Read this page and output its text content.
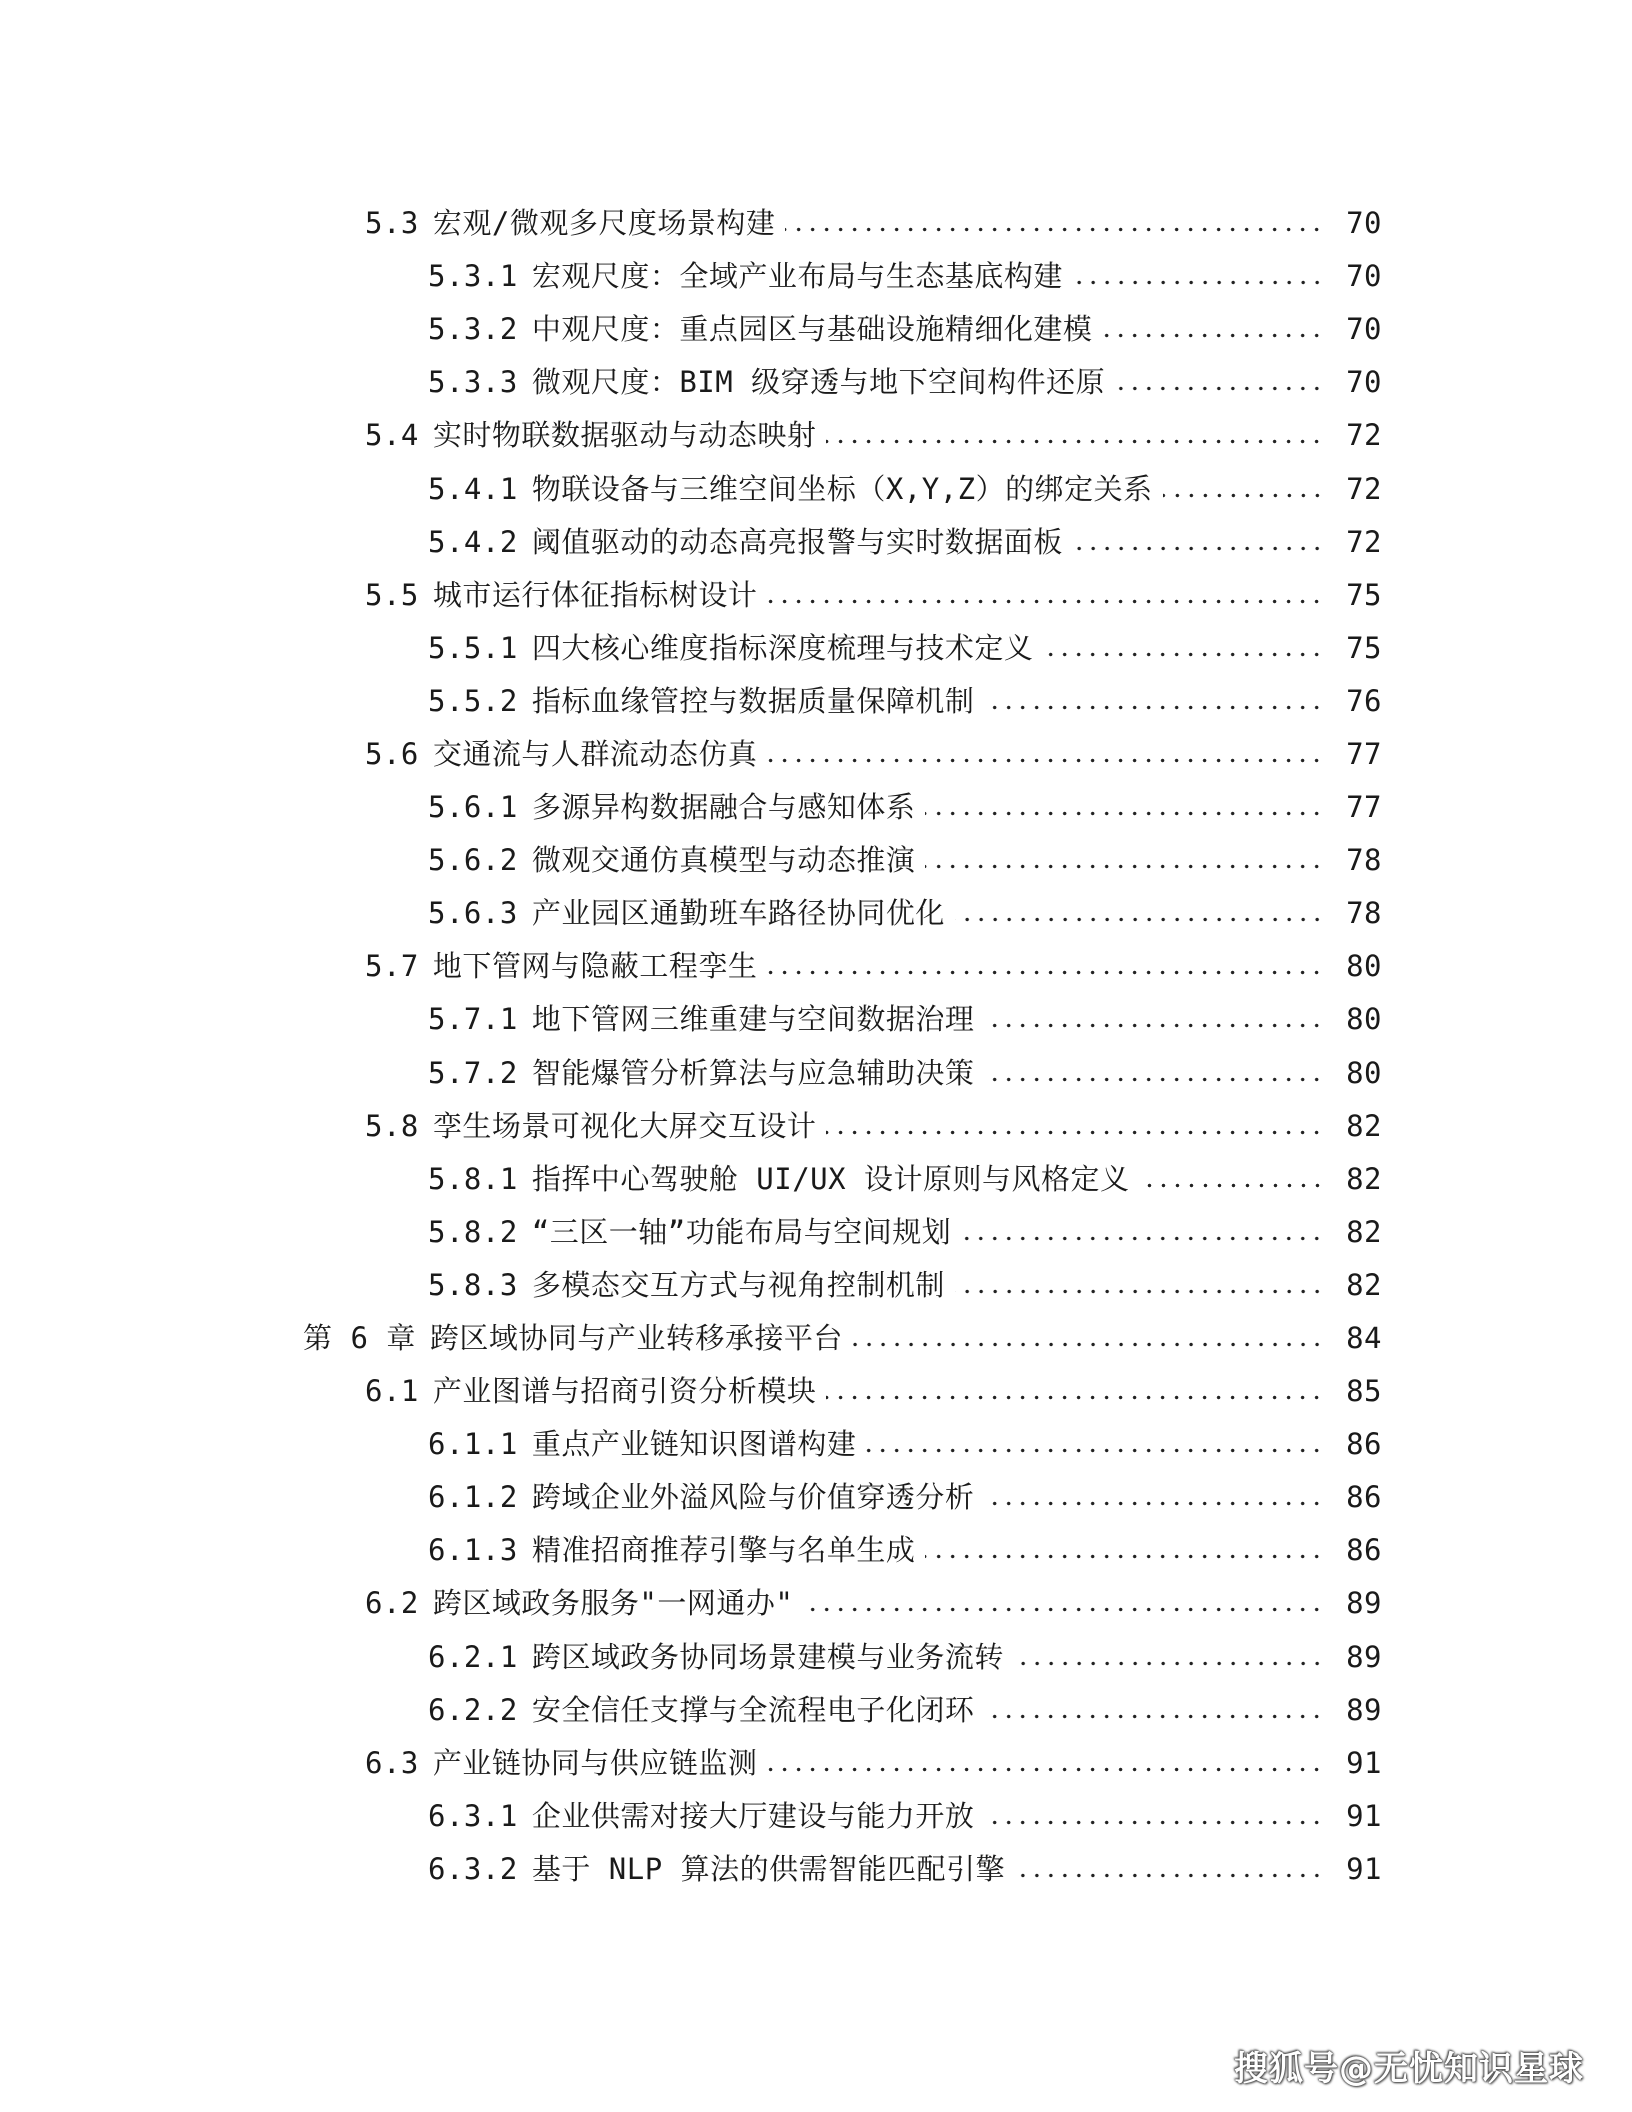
5.3 宏观/微观多尺度场景构建	70
5.3.1 宏观尺度：全域产业布局与生态基底构建	70
5.3.2 中观尺度：重点园区与基础设施精细化建模	70
5.3.3 微观尺度：BIM 级穿透与地下空间构件还原	70
5.4 实时物联数据驱动与动态映射	72
5.4.1 物联设备与三维空间坐标（X,Y,Z）的绑定关系	72
5.4.2 阈值驱动的动态高亮报警与实时数据面板	72
5.5 城市运行体征指标树设计	75
5.5.1 四大核心维度指标深度梳理与技术定义	75
5.5.2 指标血缘管控与数据质量保障机制	76
5.6 交通流与人群流动态仿真	77
5.6.1 多源异构数据融合与感知体系	77
5.6.2 微观交通仿真模型与动态推演	78
5.6.3 产业园区通勤班车路径协同优化	78
5.7 地下管网与隐蔽工程孪生	80
5.7.1 地下管网三维重建与空间数据治理	80
5.7.2 智能爆管分析算法与应急辅助决策	80
5.8 孪生场景可视化大屏交互设计	82
5.8.1 指挥中心驾驶舱 UI/UX 设计原则与风格定义	82
5.8.2 “三区一轴”功能布局与空间规划	82
5.8.3 多模态交互方式与视角控制机制	82
第 6 章 跨区域协同与产业转移承接平台	84
6.1 产业图谱与招商引资分析模块	85
6.1.1 重点产业链知识图谱构建	86
6.1.2 跨域企业外溢风险与价值穿透分析	86
6.1.3 精准招商推荐引擎与名单生成	86
6.2 跨区域政务服务"一网通办"	89
6.2.1 跨区域政务协同场景建模与业务流转	89
6.2.2 安全信任支撑与全流程电子化闭环	89
6.3 产业链协同与供应链监测	91
6.3.1 企业供需对接大厅建设与能力开放	91
6.3.2 基于 NLP 算法的供需智能匹配引擎	91
搜狐号@无忧知识星球
